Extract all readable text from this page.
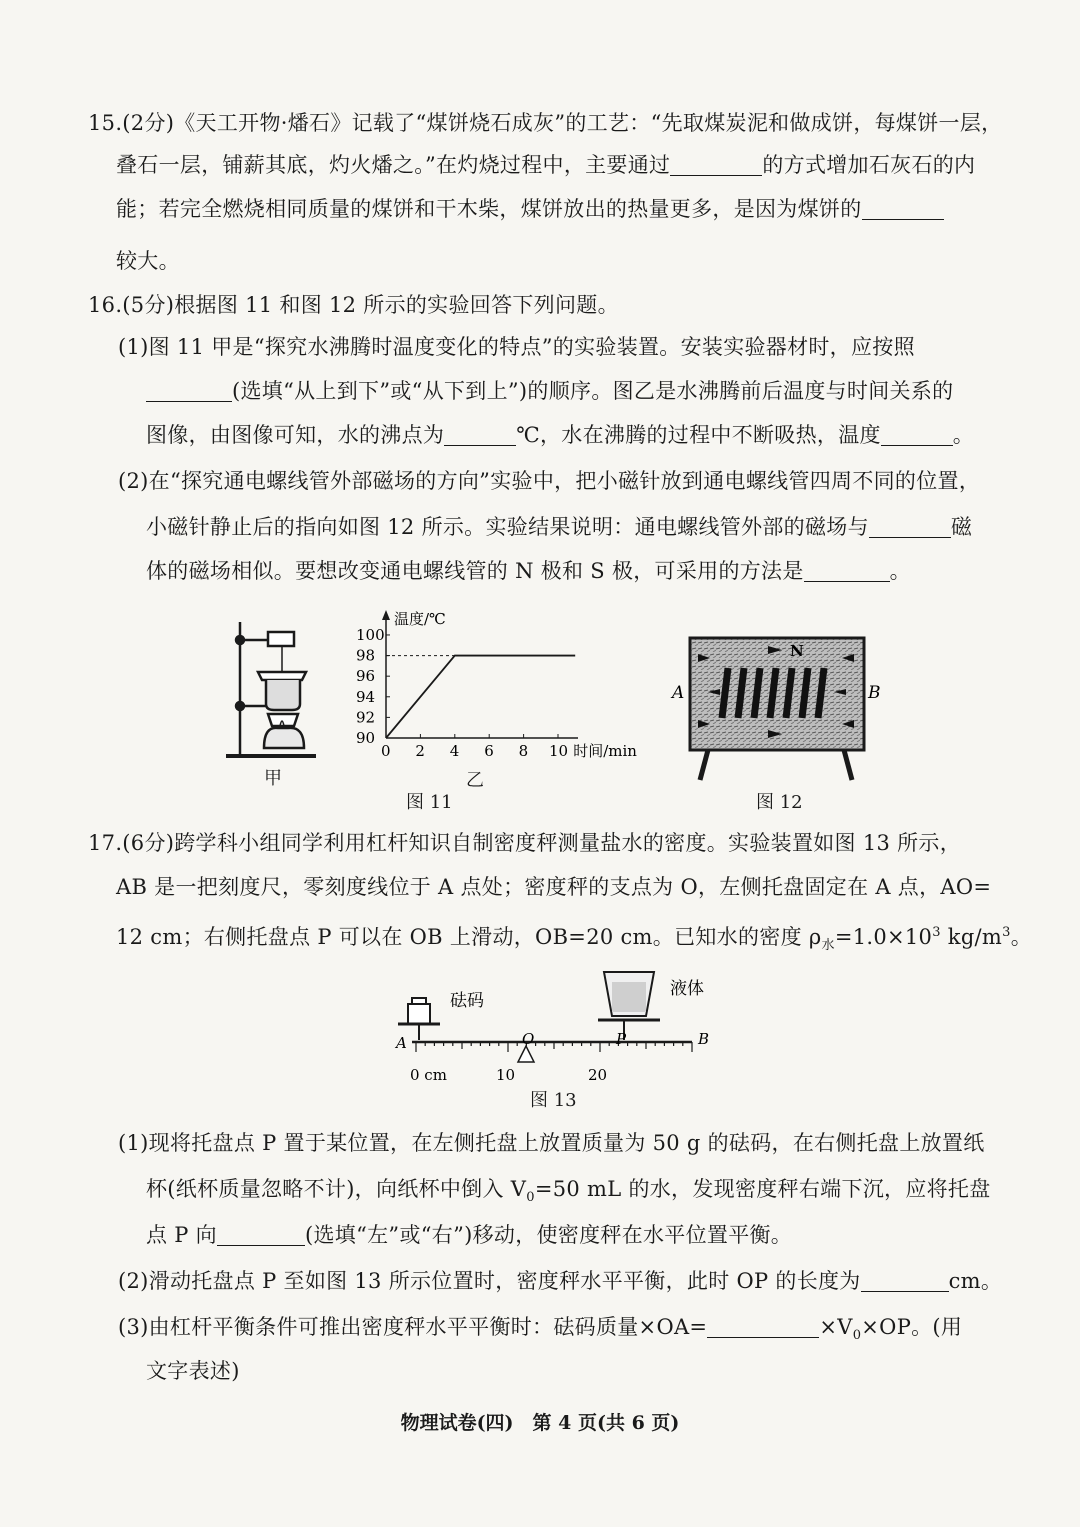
15.(2分)《天工开物·燔石》记载了“煤饼烧石成灰”的工艺：“先取煤炭泥和做成饼，每煤饼一层，
叠石一层，铺薪其底，灼火燔之。”在灼烧过程中，主要通过	的方式增加石灰石的内
能；若完全燃烧相同质量的煤饼和干木柴，煤饼放出的热量更多，是因为煤饼的
较大。
16.(5分)根据图 11 和图 12 所示的实验回答下列问题。
(1)图 11 甲是“探究水沸腾时温度变化的特点”的实验装置。安装实验器材时，应按照
(选填“从上到下”或“从下到上”)的顺序。图乙是水沸腾前后温度与时间关系的
图像，由图像可知，水的沸点为	℃，水在沸腾的过程中不断吸热，温度	。
(2)在“探究通电螺线管外部磁场的方向”实验中，把小磁针放到通电螺线管四周不同的位置，
小磁针静止后的指向如图 12 所示。实验结果说明：通电螺线管外部的磁场与	磁
体的磁场相似。要想改变通电螺线管的 N 极和 S 极，可采用的方法是	。
甲
90
92
94
96
98
100
0 2 4 6 8 10
温度/℃
时间/min
乙
图 11
N
A	B
图 12
17.(6分)跨学科小组同学利用杠杆知识自制密度秤测量盐水的密度。实验装置如图 13 所示，
AB 是一把刻度尺，零刻度线位于 A 点处；密度秤的支点为 O，左侧托盘固定在 A 点，AO=
12 cm；右侧托盘点 P 可以在 OB 上滑动，OB=20 cm。已知水的密度 $\rho_水=1.0\times 10^3$ $kg/m^3$。
砝码
液体
A	O	P	B
0 cm	10	20
图 13
(1)现将托盘点 P 置于某位置，在左侧托盘上放置质量为 50 g 的砝码，在右侧托盘上放置纸
杯(纸杯质量忽略不计)，向纸杯中倒入 $V_0=50$ mL 的水，发现密度秤右端下沉，应将托盘
点 P 向	(选填“左”或“右”)移动，使密度秤在水平位置平衡。
(2)滑动托盘点 P 至如图 13 所示位置时，密度秤水平平衡，此时 OP 的长度为	cm。
(3)由杠杆平衡条件可推出密度秤水平平衡时：砝码质量×OA=	$\times V_0\times OP$。(用
文字表述)
物理试卷(四)　第 4 页(共 6 页)
